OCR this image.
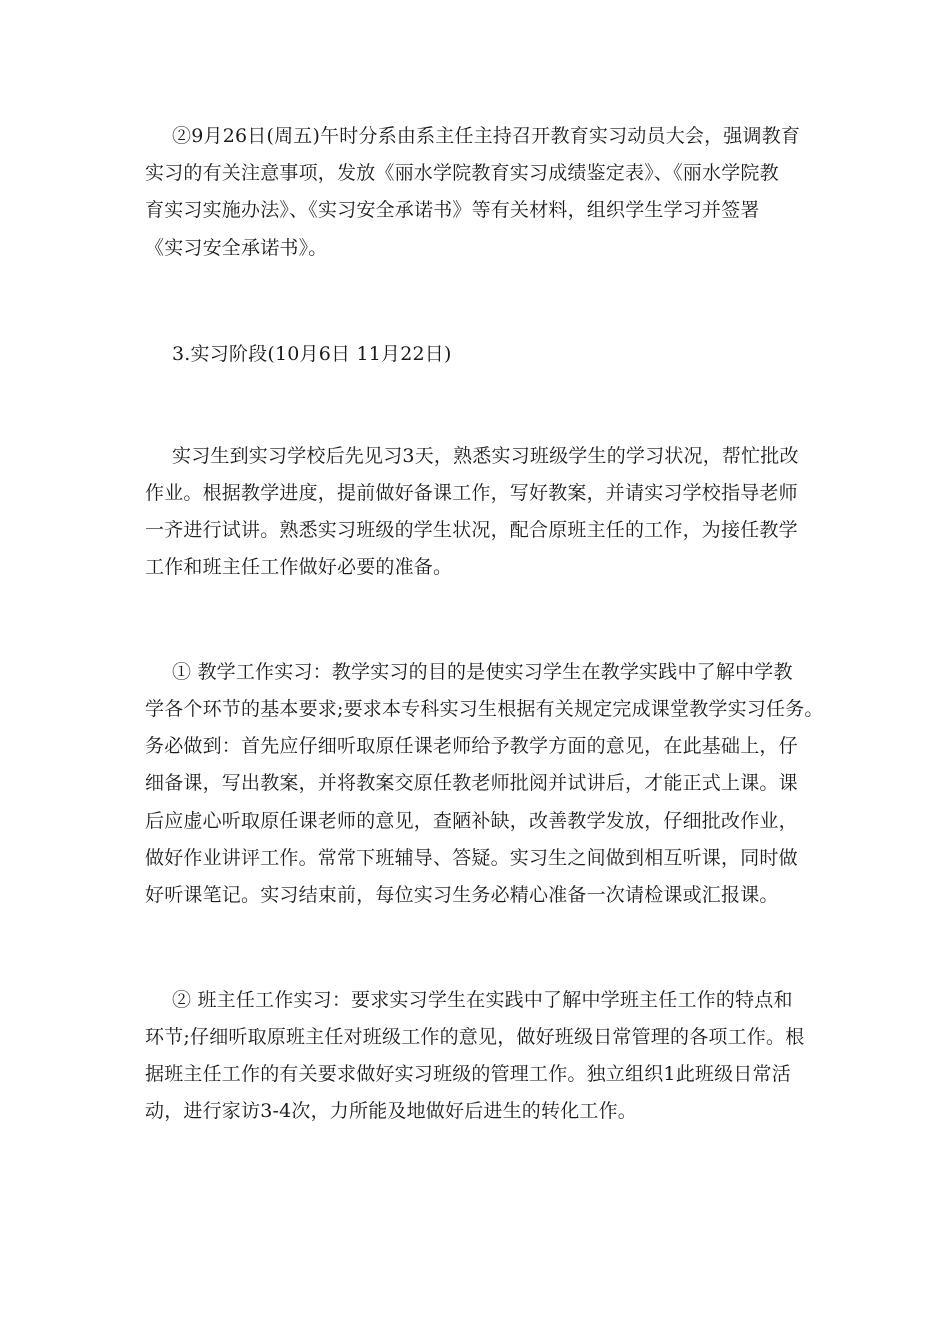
②9月26日(周五)午时分系由系主任主持召开教育实习动员大会，强调教育
实习的有关注意事项，发放《丽水学院教育实习成绩鉴定表》、《丽水学院教
育实习实施办法》、《实习安全承诺书》等有关材料，组织学生学习并签署
《实习安全承诺书》。
3.实习阶段(10月6日 11月22日)
实习生到实习学校后先见习3天，熟悉实习班级学生的学习状况，帮忙批改
作业。根据教学进度，提前做好备课工作，写好教案，并请实习学校指导老师
一齐进行试讲。熟悉实习班级的学生状况，配合原班主任的工作，为接任教学
工作和班主任工作做好必要的准备。
① 教学工作实习：教学实习的目的是使实习学生在教学实践中了解中学教
学各个环节的基本要求;要求本专科实习生根据有关规定完成课堂教学实习任务。
务必做到：首先应仔细听取原任课老师给予教学方面的意见，在此基础上，仔
细备课，写出教案，并将教案交原任教老师批阅并试讲后，才能正式上课。课
后应虚心听取原任课老师的意见，查陋补缺，改善教学发放，仔细批改作业，
做好作业讲评工作。常常下班辅导、答疑。实习生之间做到相互听课，同时做
好听课笔记。实习结束前，每位实习生务必精心准备一次请检课或汇报课。
② 班主任工作实习：要求实习学生在实践中了解中学班主任工作的特点和
环节;仔细听取原班主任对班级工作的意见，做好班级日常管理的各项工作。根
据班主任工作的有关要求做好实习班级的管理工作。独立组织1此班级日常活
动，进行家访3-4次，力所能及地做好后进生的转化工作。
